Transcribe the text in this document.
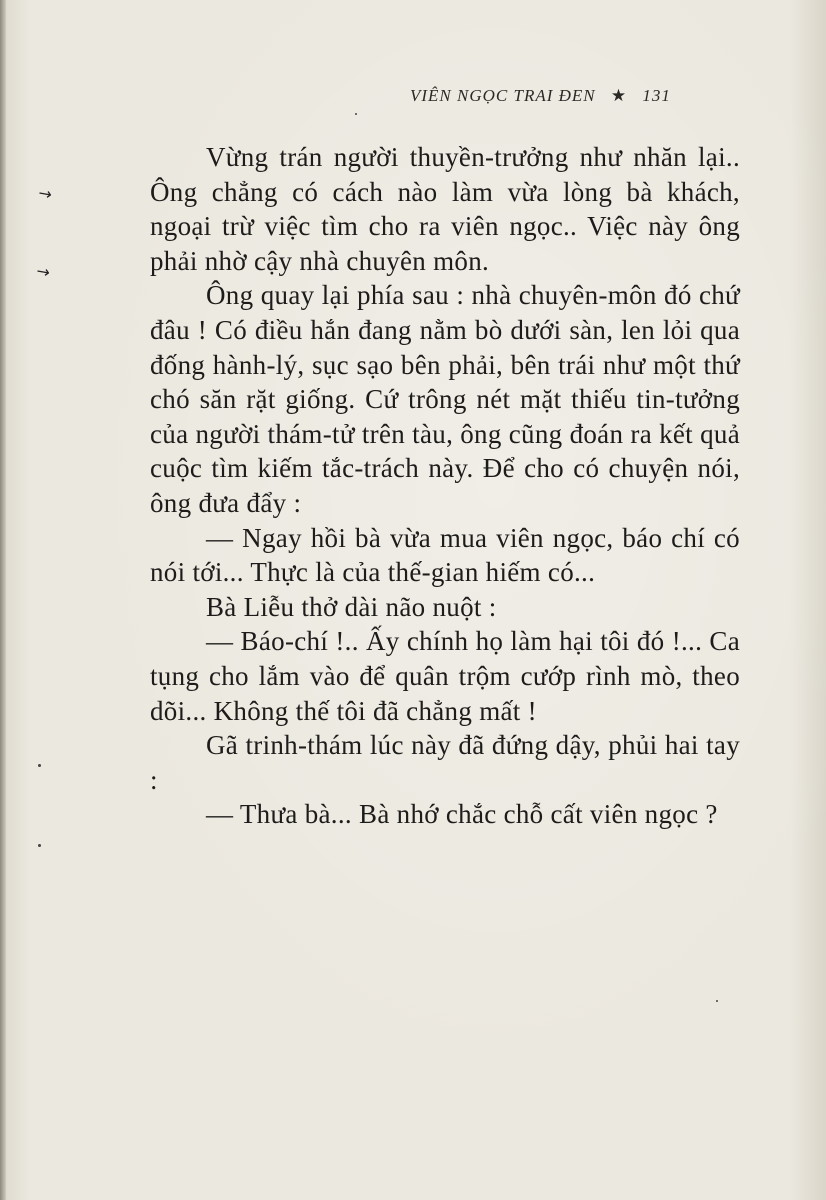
VIÊN NGỌC TRAI ĐEN ★ 131

Vừng trán người thuyền-trưởng như nhăn lại.. Ông chẳng có cách nào làm vừa lòng bà khách, ngoại trừ việc tìm cho ra viên ngọc.. Việc này ông phải nhờ cậy nhà chuyên môn.

Ông quay lại phía sau : nhà chuyên-môn đó chứ đâu ! Có điều hắn đang nằm bò dưới sàn, len lỏi qua đống hành-lý, sục sạo bên phải, bên trái như một thứ chó săn rặt giống. Cứ trông nét mặt thiếu tin-tưởng của người thám-tử trên tàu, ông cũng đoán ra kết quả cuộc tìm kiếm tắc-trách này. Để cho có chuyện nói, ông đưa đẩy :

— Ngay hồi bà vừa mua viên ngọc, báo chí có nói tới... Thực là của thế-gian hiếm có...

Bà Liễu thở dài não nuột :

— Báo-chí !.. Ấy chính họ làm hại tôi đó !... Ca tụng cho lắm vào để quân trộm cướp rình mò, theo dõi... Không thế tôi đã chẳng mất !

Gã trinh-thám lúc này đã đứng dậy, phủi hai tay :

— Thưa bà... Bà nhớ chắc chỗ cất viên ngọc ?

↘
↘
